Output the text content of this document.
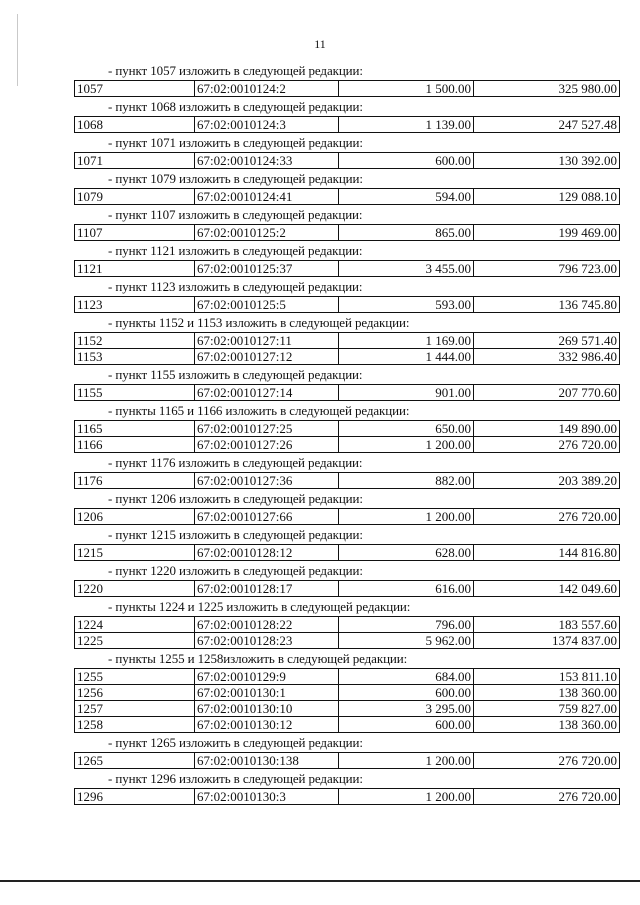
11
- пункт 1057 изложить в следующей редакции:
1057	67:02:0010124:2	1 500.00	325 980.00
- пункт 1068 изложить в следующей редакции:
1068	67:02:0010124:3	1 139.00	247 527.48
- пункт 1071 изложить в следующей редакции:
1071	67:02:0010124:33	600.00	130 392.00
- пункт 1079 изложить в следующей редакции:
1079	67:02:0010124:41	594.00	129 088.10
- пункт 1107 изложить в следующей редакции:
1107	67:02:0010125:2	865.00	199 469.00
- пункт 1121 изложить в следующей редакции:
1121	67:02:0010125:37	3 455.00	796 723.00
- пункт 1123 изложить в следующей редакции:
1123	67:02:0010125:5	593.00	136 745.80
- пункты 1152 и 1153 изложить в следующей редакции:
1152	67:02:0010127:11	1 169.00	269 571.40
1153	67:02:0010127:12	1 444.00	332 986.40
- пункт 1155 изложить в следующей редакции:
1155	67:02:0010127:14	901.00	207 770.60
- пункты 1165 и 1166 изложить в следующей редакции:
1165	67:02:0010127:25	650.00	149 890.00
1166	67:02:0010127:26	1 200.00	276 720.00
- пункт 1176 изложить в следующей редакции:
1176	67:02:0010127:36	882.00	203 389.20
- пункт 1206 изложить в следующей редакции:
1206	67:02:0010127:66	1 200.00	276 720.00
- пункт 1215 изложить в следующей редакции:
1215	67:02:0010128:12	628.00	144 816.80
- пункт 1220 изложить в следующей редакции:
1220	67:02:0010128:17	616.00	142 049.60
- пункты 1224 и 1225 изложить в следующей редакции:
1224	67:02:0010128:22	796.00	183 557.60
1225	67:02:0010128:23	5 962.00	1374 837.00
- пункты 1255 и 1258изложить в следующей редакции:
1255	67:02:0010129:9	684.00	153 811.10
1256	67:02:0010130:1	600.00	138 360.00
1257	67:02:0010130:10	3 295.00	759 827.00
1258	67:02:0010130:12	600.00	138 360.00
- пункт 1265 изложить в следующей редакции:
1265	67:02:0010130:138	1 200.00	276 720.00
- пункт 1296 изложить в следующей редакции:
1296	67:02:0010130:3	1 200.00	276 720.00
